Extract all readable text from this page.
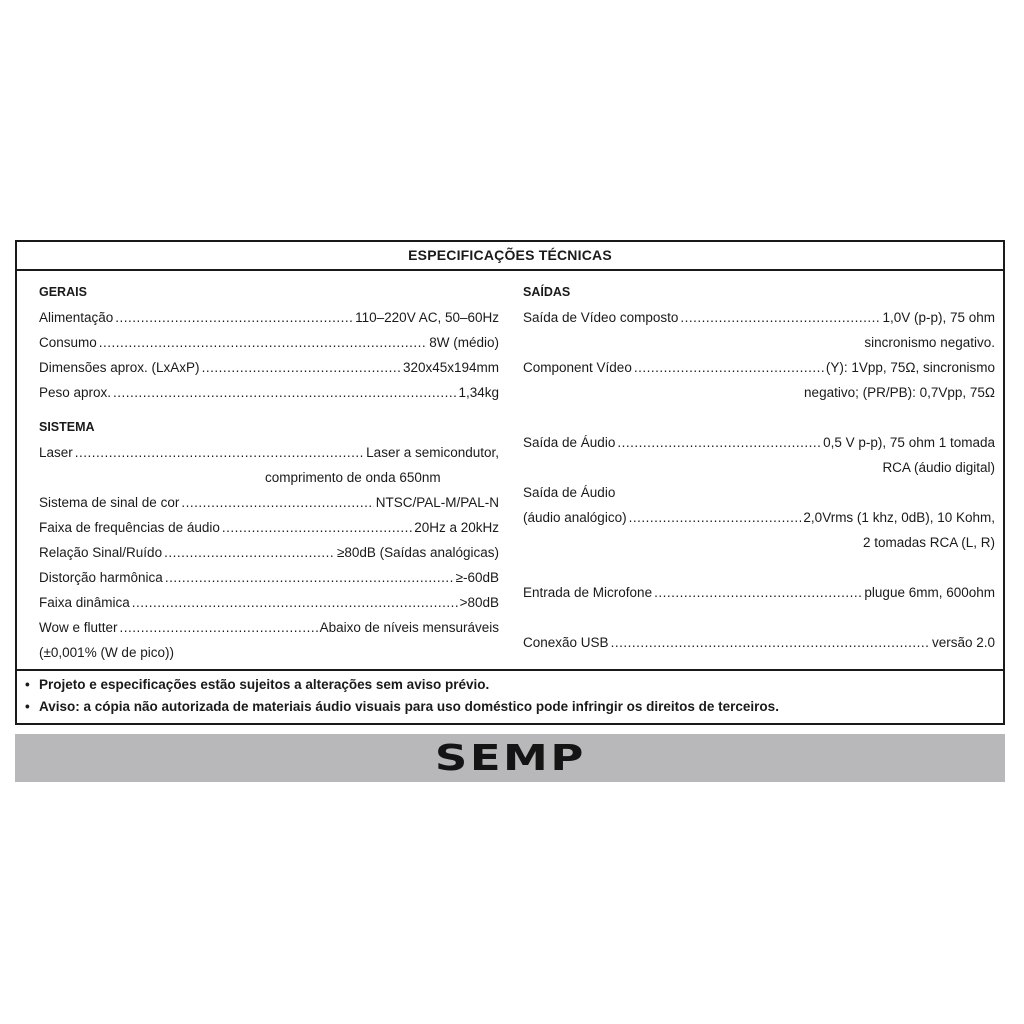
ESPECIFICAÇÕES TÉCNICAS
GERAIS
Alimentação .....	110–220V AC, 50–60Hz
Consumo .....	8W (médio)
Dimensões aprox. (LxAxP) .....	320x45x194mm
Peso aprox. .....	1,34kg
SISTEMA
Laser .....	Laser a semicondutor,
comprimento de onda 650nm
Sistema de sinal de cor .....	NTSC/PAL-M/PAL-N
Faixa de frequências de áudio .....	20Hz a 20kHz
Relação Sinal/Ruído .....	≥80dB (Saídas analógicas)
Distorção harmônica .....	≥-60dB
Faixa dinâmica .....	>80dB
Wow e flutter .....	Abaixo de níveis mensuráveis
(±0,001% (W de pico))
SAÍDAS
Saída de Vídeo composto .....	1,0V (p-p), 75 ohm
sincronismo negativo.
Component Vídeo .....	(Y): 1Vpp, 75Ω, sincronismo
negativo; (PR/PB): 0,7Vpp, 75Ω
Saída de Áudio .....	0,5 V p-p), 75 ohm 1 tomada
RCA (áudio digital)
Saída de Áudio
(áudio analógico) .....	2,0Vrms (1 khz, 0dB), 10 Kohm,
2 tomadas RCA (L, R)
Entrada de Microfone .....	plugue 6mm, 600ohm
Conexão USB .....	versão 2.0
• Projeto e especificações estão sujeitos a alterações sem aviso prévio.
• Aviso: a cópia não autorizada de materiais áudio visuais para uso doméstico pode infringir os direitos de terceiros.
SEMP
